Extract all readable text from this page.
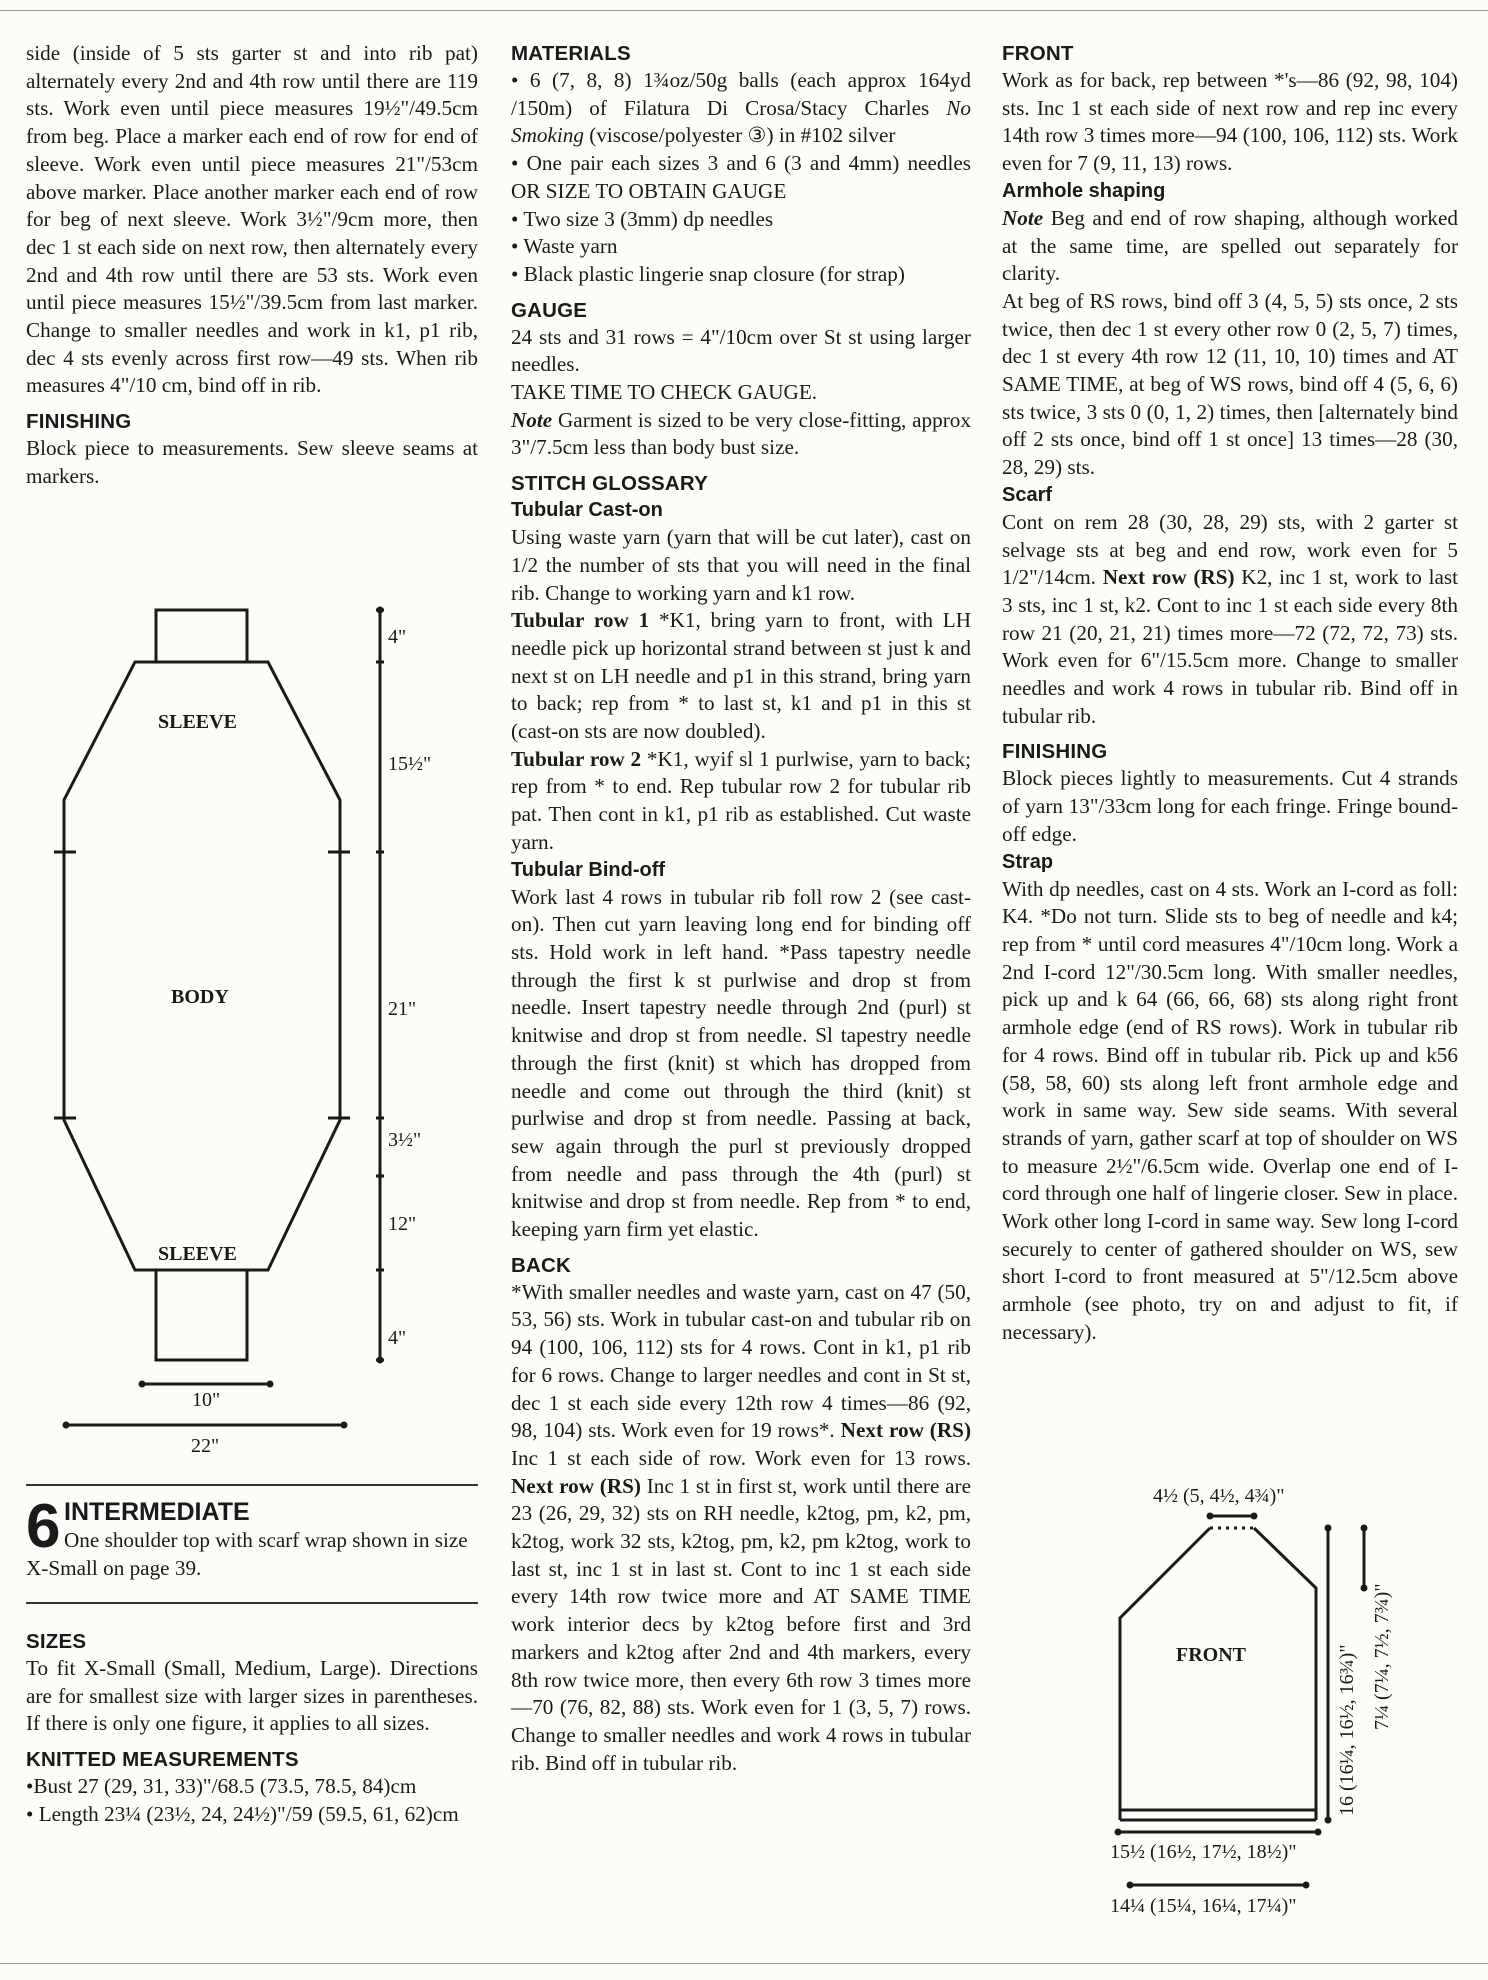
side (inside of 5 sts garter st and into rib pat) alternately every 2nd and 4th row until there are 119 sts. Work even until piece measures 19½"/49.5cm from beg. Place a marker each end of row for end of sleeve. Work even until piece measures 21"/53cm above marker. Place another marker each end of row for beg of next sleeve. Work 3½"/9cm more, then dec 1 st each side on next row, then alternately every 2nd and 4th row until there are 53 sts. Work even until piece measures 15½"/39.5cm from last marker. Change to smaller needles and work in k1, p1 rib, dec 4 sts evenly across first row—49 sts. When rib measures 4"/10 cm, bind off in rib.

FINISHING

Block piece to measurements. Sew sleeve seams at markers.

SLEEVE
BODY
SLEEVE
4"
15½"
21"
3½"
12"
4"
10"
22"
6 INTERMEDIATE
One shoulder top with scarf wrap shown in size X-Small on page 39.
SIZES

To fit X-Small (Small, Medium, Large). Directions are for smallest size with larger sizes in parentheses. If there is only one figure, it applies to all sizes.

KNITTED MEASUREMENTS

•Bust 27 (29, 31, 33)"/68.5 (73.5, 78.5, 84)cm

• Length 23¼ (23½, 24, 24½)"/59 (59.5, 61, 62)cm

MATERIALS

• 6 (7, 8, 8) 1¾oz/50g balls (each approx 164yd /150m) of Filatura Di Crosa/Stacy Charles No Smoking (viscose/polyester ③) in #102 silver

• One pair each sizes 3 and 6 (3 and 4mm) needles OR SIZE TO OBTAIN GAUGE

• Two size 3 (3mm) dp needles

• Waste yarn

• Black plastic lingerie snap closure (for strap)

GAUGE

24 sts and 31 rows = 4"/10cm over St st using larger needles.

TAKE TIME TO CHECK GAUGE.

Note Garment is sized to be very close-fitting, approx 3"/7.5cm less than body bust size.

STITCH GLOSSARY
Tubular Cast-on

Using waste yarn (yarn that will be cut later), cast on 1/2 the number of sts that you will need in the final rib. Change to working yarn and k1 row.

Tubular row 1 *K1, bring yarn to front, with LH needle pick up horizontal strand between st just k and next st on LH needle and p1 in this strand, bring yarn to back; rep from * to last st, k1 and p1 in this st (cast-on sts are now doubled).

Tubular row 2 *K1, wyif sl 1 purlwise, yarn to back; rep from * to end. Rep tubular row 2 for tubular rib pat. Then cont in k1, p1 rib as established. Cut waste yarn.

Tubular Bind-off

Work last 4 rows in tubular rib foll row 2 (see cast-on). Then cut yarn leaving long end for binding off sts. Hold work in left hand. *Pass tapestry needle through the first k st purlwise and drop st from needle. Insert tapestry needle through 2nd (purl) st knitwise and drop st from needle. Sl tapestry needle through the first (knit) st which has dropped from needle and come out through the third (knit) st purlwise and drop st from needle. Passing at back, sew again through the purl st previously dropped from needle and pass through the 4th (purl) st knitwise and drop st from needle. Rep from * to end, keeping yarn firm yet elastic.

BACK

*With smaller needles and waste yarn, cast on 47 (50, 53, 56) sts. Work in tubular cast-on and tubular rib on 94 (100, 106, 112) sts for 4 rows. Cont in k1, p1 rib for 6 rows. Change to larger needles and cont in St st, dec 1 st each side every 12th row 4 times—86 (92, 98, 104) sts. Work even for 19 rows*. Next row (RS) Inc 1 st each side of row. Work even for 13 rows. Next row (RS) Inc 1 st in first st, work until there are 23 (26, 29, 32) sts on RH needle, k2tog, pm, k2, pm, k2tog, work 32 sts, k2tog, pm, k2, pm k2tog, work to last st, inc 1 st in last st. Cont to inc 1 st each side every 14th row twice more and AT SAME TIME work interior decs by k2tog before first and 3rd markers and k2tog after 2nd and 4th markers, every 8th row twice more, then every 6th row 3 times more—70 (76, 82, 88) sts. Work even for 1 (3, 5, 7) rows. Change to smaller needles and work 4 rows in tubular rib. Bind off in tubular rib.

FRONT

Work as for back, rep between *'s—86 (92, 98, 104) sts. Inc 1 st each side of next row and rep inc every 14th row 3 times more—94 (100, 106, 112) sts. Work even for 7 (9, 11, 13) rows.

Armhole shaping

Note Beg and end of row shaping, although worked at the same time, are spelled out separately for clarity.

At beg of RS rows, bind off 3 (4, 5, 5) sts once, 2 sts twice, then dec 1 st every other row 0 (2, 5, 7) times, dec 1 st every 4th row 12 (11, 10, 10) times and AT SAME TIME, at beg of WS rows, bind off 4 (5, 6, 6) sts twice, 3 sts 0 (0, 1, 2) times, then [alternately bind off 2 sts once, bind off 1 st once] 13 times—28 (30, 28, 29) sts.

Scarf

Cont on rem 28 (30, 28, 29) sts, with 2 garter st selvage sts at beg and end row, work even for 5 1/2"/14cm. Next row (RS) K2, inc 1 st, work to last 3 sts, inc 1 st, k2. Cont to inc 1 st each side every 8th row 21 (20, 21, 21) times more—72 (72, 72, 73) sts. Work even for 6"/15.5cm more. Change to smaller needles and work 4 rows in tubular rib. Bind off in tubular rib.

FINISHING

Block pieces lightly to measurements. Cut 4 strands of yarn 13"/33cm long for each fringe. Fringe bound-off edge.

Strap

With dp needles, cast on 4 sts. Work an I-cord as foll: K4. *Do not turn. Slide sts to beg of needle and k4; rep from * until cord measures 4"/10cm long. Work a 2nd I-cord 12"/30.5cm long. With smaller needles, pick up and k 64 (66, 66, 68) sts along right front armhole edge (end of RS rows). Work in tubular rib for 4 rows. Bind off in tubular rib. Pick up and k56 (58, 58, 60) sts along left front armhole edge and work in same way. Sew side seams. With several strands of yarn, gather scarf at top of shoulder on WS to measure 2½"/6.5cm wide. Overlap one end of I-cord through one half of lingerie closer. Sew in place. Work other long I-cord in same way. Sew long I-cord securely to center of gathered shoulder on WS, sew short I-cord to front measured at 5"/12.5cm above armhole (see photo, try on and adjust to fit, if necessary).

4½ (5, 4½, 4¾)"
FRONT	16 (16¼, 16½, 16¾)" 7¼ (7¼, 7½, 7¾)"
15½ (16½, 17½, 18½)"
14¼ (15¼, 16¼, 17¼)"
